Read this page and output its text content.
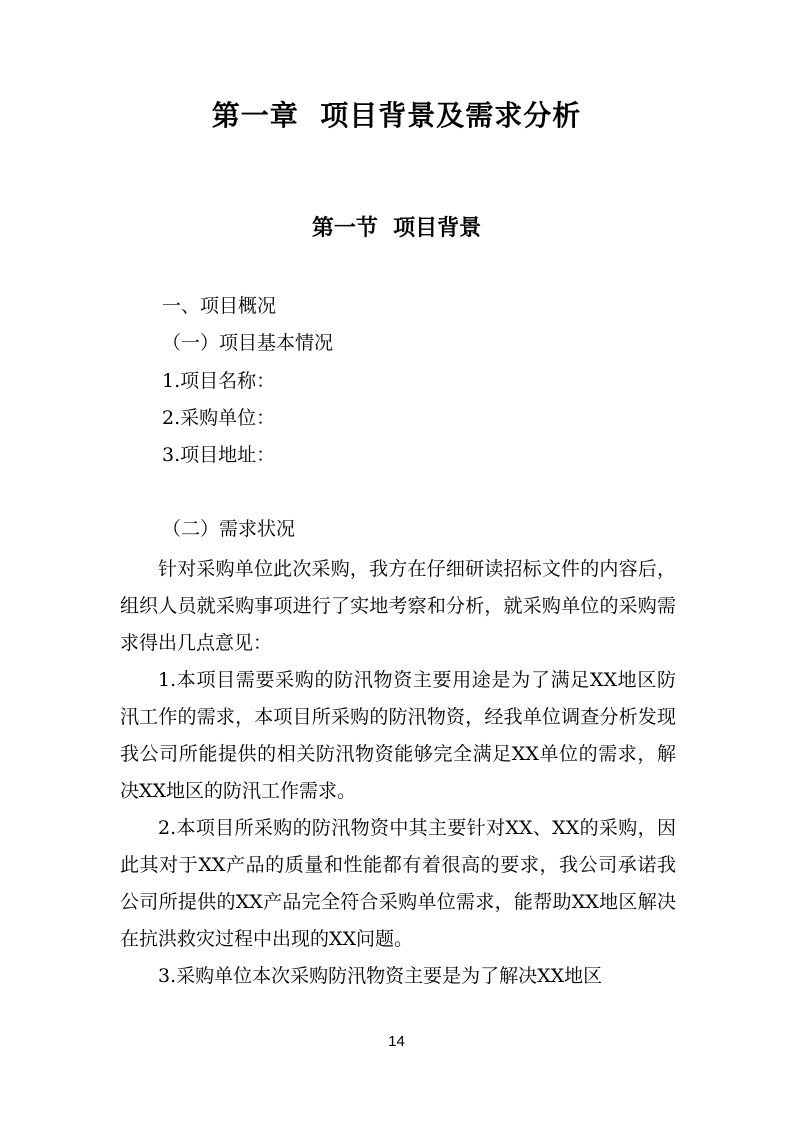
第一章  项目背景及需求分析
第一节  项目背景
一、项目概况
（一）项目基本情况
1.项目名称：
2.采购单位：
3.项目地址：
（二）需求状况

针对采购单位此次采购，我方在仔细研读招标文件的内容后，组织人员就采购事项进行了实地考察和分析，就采购单位的采购需求得出几点意见：

1.本项目需要采购的防汛物资主要用途是为了满足XX地区防汛工作的需求，本项目所采购的防汛物资，经我单位调查分析发现我公司所能提供的相关防汛物资能够完全满足XX单位的需求，解决XX地区的防汛工作需求。

2.本项目所采购的防汛物资中其主要针对XX、XX的采购，因此其对于XX产品的质量和性能都有着很高的要求，我公司承诺我公司所提供的XX产品完全符合采购单位需求，能帮助XX地区解决在抗洪救灾过程中出现的XX问题。

3.采购单位本次采购防汛物资主要是为了解决XX地区

14
